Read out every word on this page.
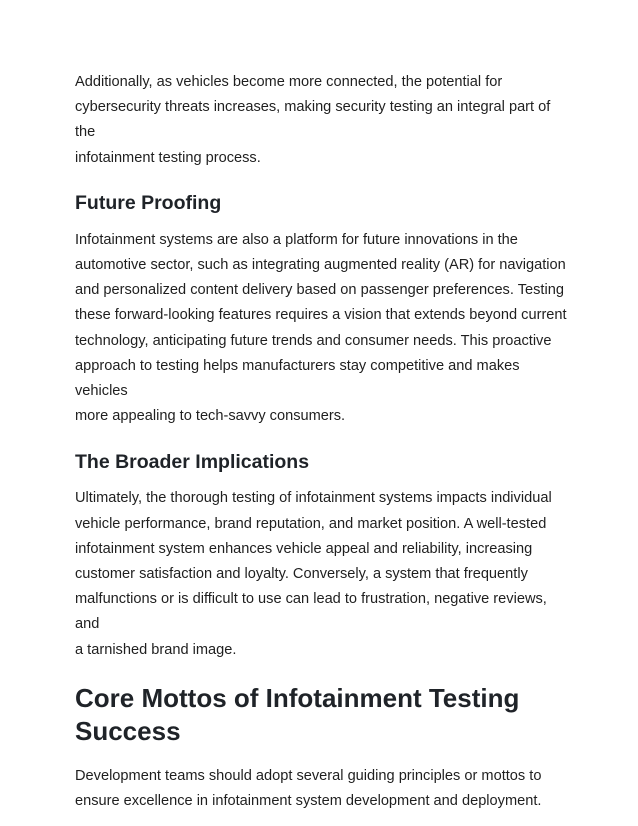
Additionally, as vehicles become more connected, the potential for
cybersecurity threats increases, making security testing an integral part of the
infotainment testing process.

Future Proofing

Infotainment systems are also a platform for future innovations in the
automotive sector, such as integrating augmented reality (AR) for navigation
and personalized content delivery based on passenger preferences. Testing
these forward-looking features requires a vision that extends beyond current
technology, anticipating future trends and consumer needs. This proactive
approach to testing helps manufacturers stay competitive and makes vehicles
more appealing to tech-savvy consumers.

The Broader Implications

Ultimately, the thorough testing of infotainment systems impacts individual
vehicle performance, brand reputation, and market position. A well-tested
infotainment system enhances vehicle appeal and reliability, increasing
customer satisfaction and loyalty. Conversely, a system that frequently
malfunctions or is difficult to use can lead to frustration, negative reviews, and
a tarnished brand image.

Core Mottos of Infotainment Testing
Success

Development teams should adopt several guiding principles or mottos to
ensure excellence in infotainment system development and deployment.
